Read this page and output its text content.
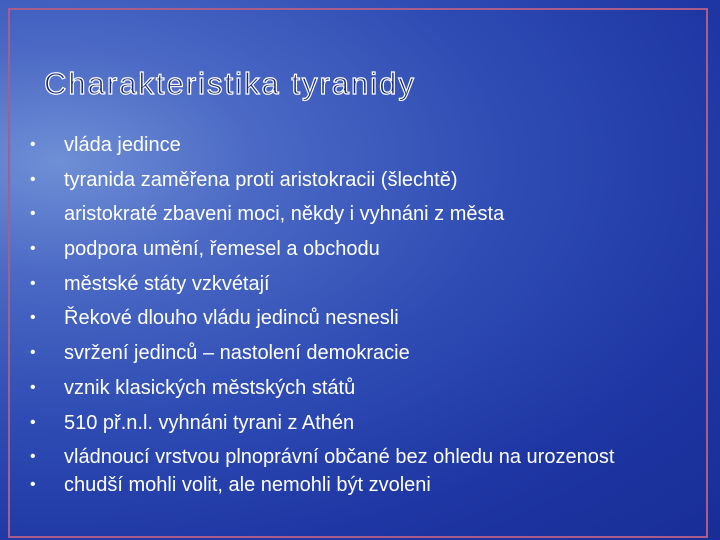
Charakteristika tyranidy
• vláda jedince
• tyranida zaměřena proti aristokracii (šlechtě)
• aristokraté zbaveni moci, někdy i vyhnáni z města
• podpora umění, řemesel a obchodu
• městské státy vzkvétají
• Řekové dlouho vládu jedinců nesnesli
• svržení jedinců – nastolení demokracie
• vznik klasických městských států
• 510 př.n.l. vyhnáni tyrani z Athén
• vládnoucí vrstvou plnoprávní občané bez ohledu na urozenost
• chudší mohli volit, ale nemohli být zvoleni
